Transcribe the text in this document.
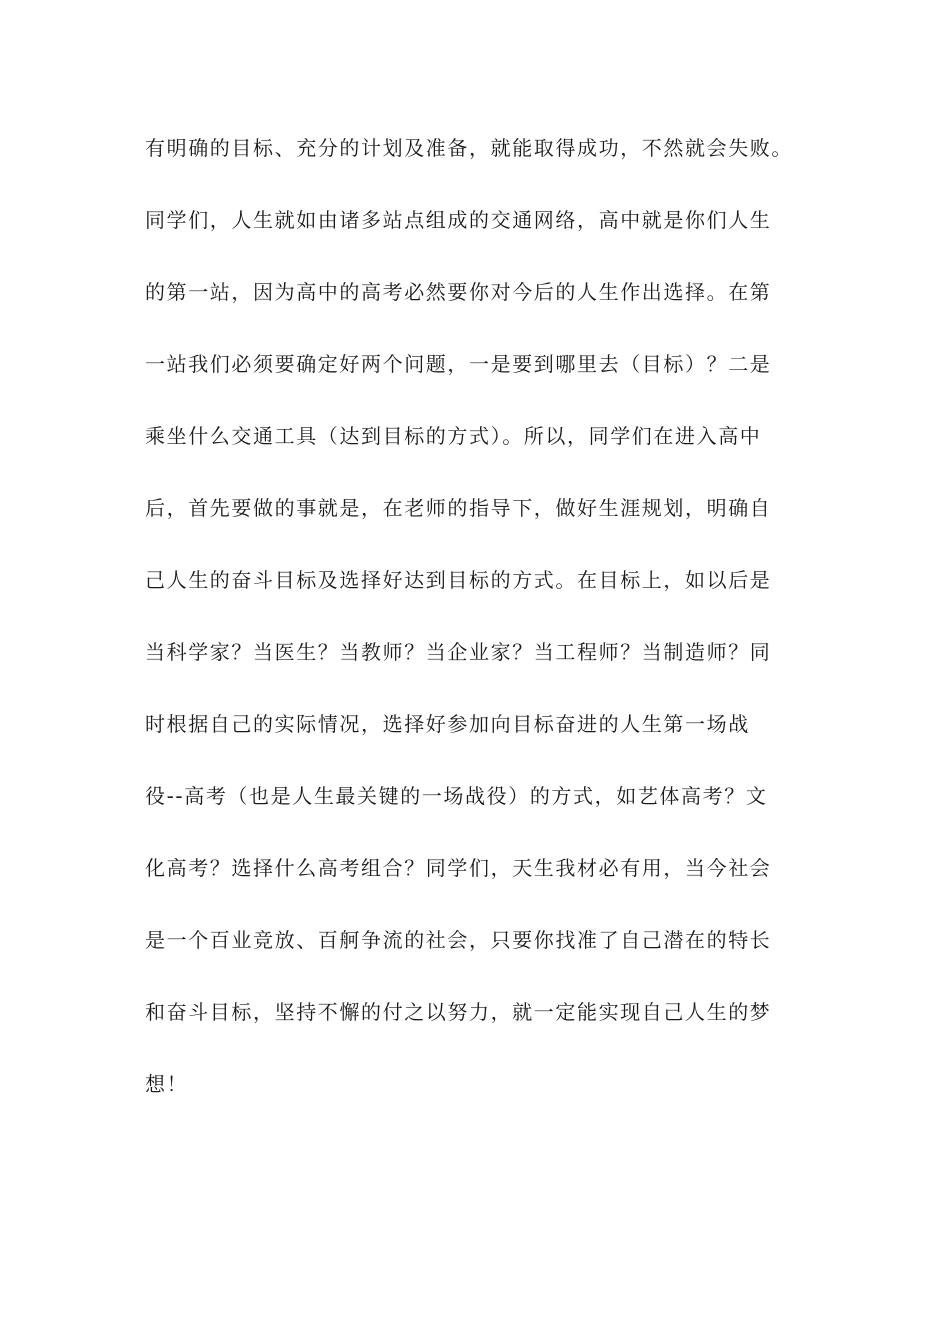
有明确的目标、充分的计划及准备，就能取得成功，不然就会失败。
同学们，人生就如由诸多站点组成的交通网络，高中就是你们人生
的第一站，因为高中的高考必然要你对今后的人生作出选择。在第
一站我们必须要确定好两个问题，一是要到哪里去（目标）？二是
乘坐什么交通工具（达到目标的方式）。所以，同学们在进入高中
后，首先要做的事就是，在老师的指导下，做好生涯规划，明确自
己人生的奋斗目标及选择好达到目标的方式。在目标上，如以后是
当科学家？当医生？当教师？当企业家？当工程师？当制造师？同
时根据自己的实际情况，选择好参加向目标奋进的人生第一场战
役--高考（也是人生最关键的一场战役）的方式，如艺体高考？文
化高考？选择什么高考组合？同学们，天生我材必有用，当今社会
是一个百业竞放、百舸争流的社会，只要你找准了自己潜在的特长
和奋斗目标，坚持不懈的付之以努力，就一定能实现自己人生的梦
想！
